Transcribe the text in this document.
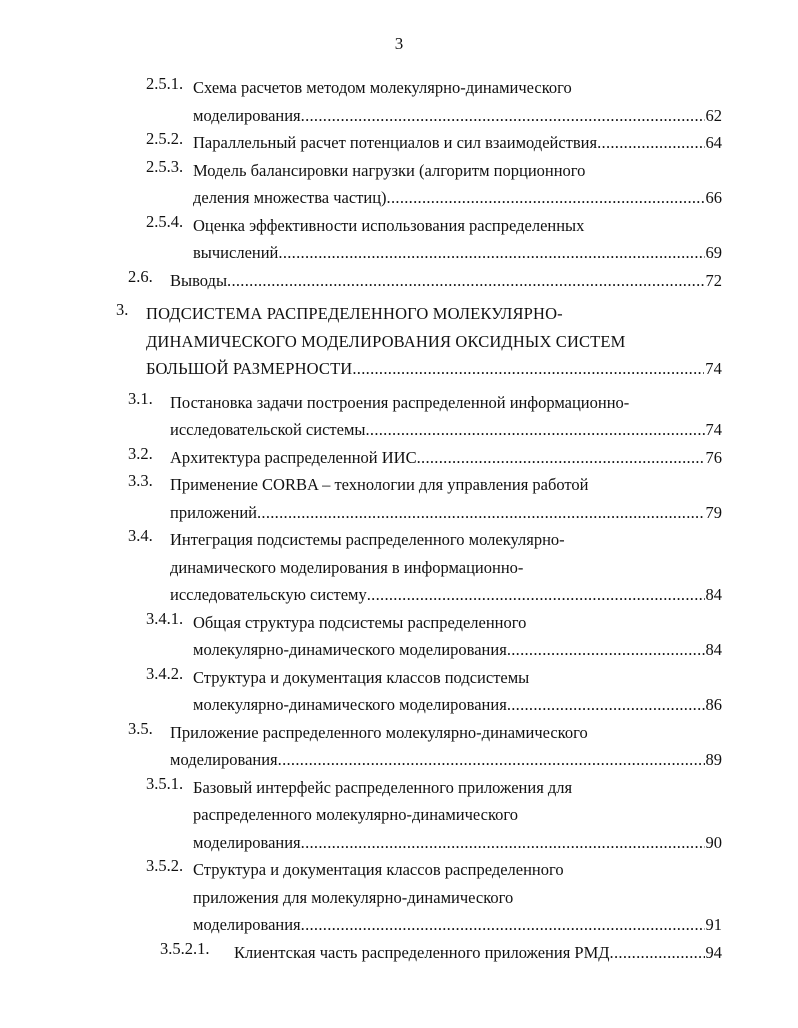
3
2.5.1. Схема расчетов методом молекулярно-динамического
моделирования .....	62
2.5.2. Параллельный расчет потенциалов и сил взаимодействия .....	64
2.5.3. Модель балансировки нагрузки (алгоритм порционного
деления множества частиц) .....	66
2.5.4. Оценка эффективности использования распределенных
вычислений .....	69
2.6. Выводы .....	72
3. ПОДСИСТЕМА РАСПРЕДЕЛЕННОГО МОЛЕКУЛЯРНО-
ДИНАМИЧЕСКОГО МОДЕЛИРОВАНИЯ ОКСИДНЫХ СИСТЕМ
БОЛЬШОЙ РАЗМЕРНОСТИ .....	74
3.1. Постановка задачи построения распределенной информационно-
исследовательской системы .....	74
3.2. Архитектура распределенной ИИС .....	76
3.3. Применение CORBA – технологии для управления работой
приложений .....	79
3.4. Интеграция подсистемы распределенного молекулярно-
динамического моделирования в информационно-
исследовательскую систему .....	84
3.4.1. Общая структура подсистемы распределенного
молекулярно-динамического моделирования .....	84
3.4.2. Структура и документация классов подсистемы
молекулярно-динамического моделирования .....	86
3.5. Приложение распределенного молекулярно-динамического
моделирования .....	89
3.5.1. Базовый интерфейс распределенного приложения для
распределенного молекулярно-динамического
моделирования .....	90
3.5.2. Структура и документация классов распределенного
приложения для молекулярно-динамического
моделирования .....	91
3.5.2.1. Клиентская часть распределенного приложения РМД .....	94
